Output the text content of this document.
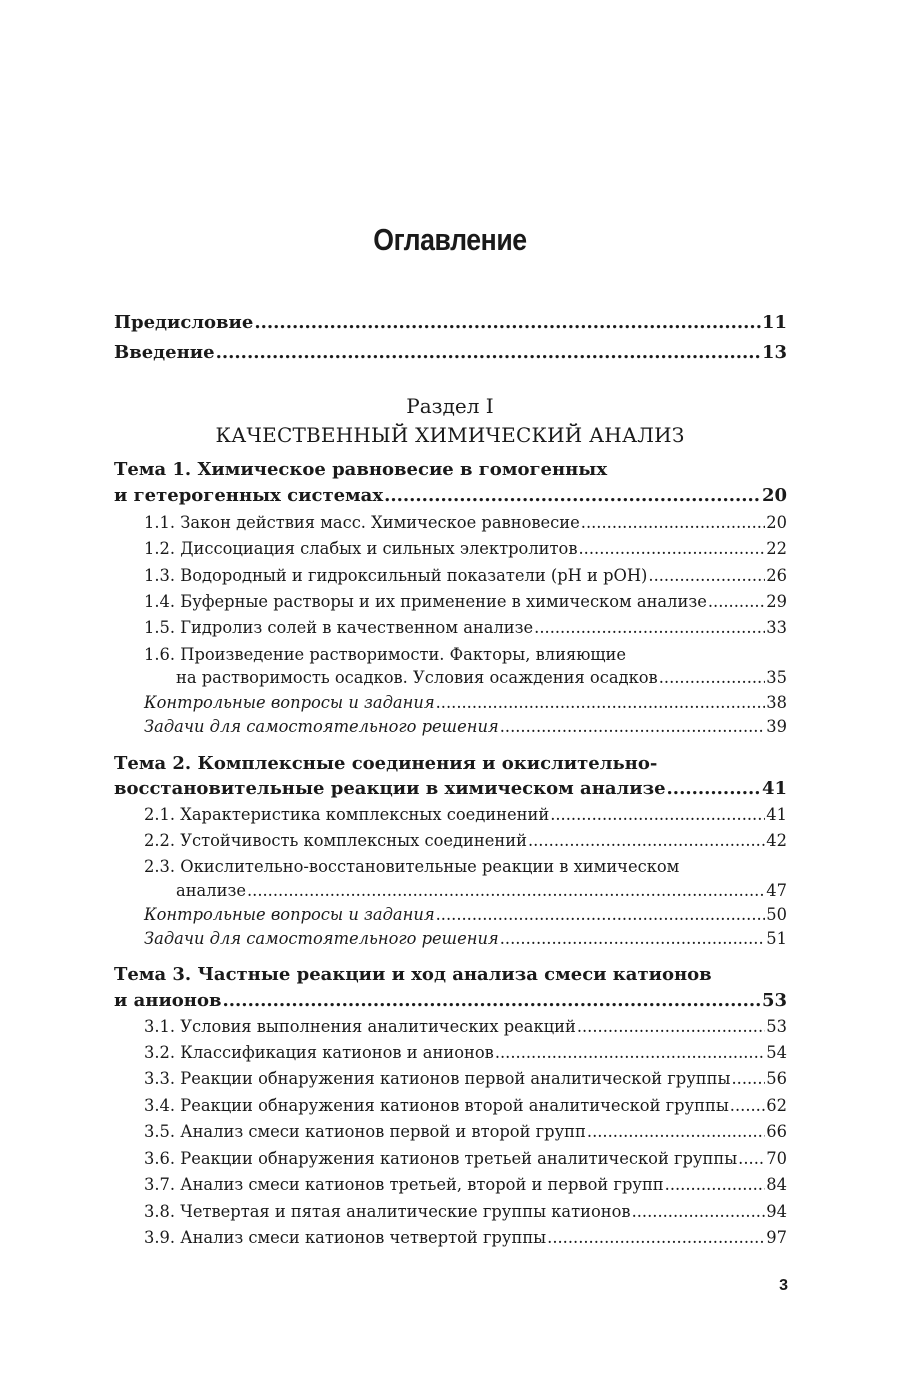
Оглавление
Предисловие .....	11
Введение .....	13
Тема 1. Химическое равновесие в гомогенных
и гетерогенных системах .....	20
1.1. Закон действия масс. Химическое равновесие .....	20
1.2. Диссоциация слабых и сильных электролитов .....	22
1.3. Водородный и гидроксильный показатели (pH и pOH) .....	26
1.4. Буферные растворы и их применение в химическом анализе .....	29
1.5. Гидролиз солей в качественном анализе .....	33
1.6. Произведение растворимости. Факторы, влияющие
на растворимость осадков. Условия осаждения осадков .....	35
Контрольные вопросы и задания .....	38
Задачи для самостоятельного решения .....	39
Тема 2. Комплексные соединения и окислительно-
восстановительные реакции в химическом анализе .....	41
2.1. Характеристика комплексных соединений .....	41
2.2. Устойчивость комплексных соединений .....	42
2.3. Окислительно-восстановительные реакции в химическом
анализе .....	47
Контрольные вопросы и задания .....	50
Задачи для самостоятельного решения .....	51
Тема 3. Частные реакции и ход анализа смеси катионов
и анионов .....	53
3.1. Условия выполнения аналитических реакций .....	53
3.2. Классификация катионов и анионов .....	54
3.3. Реакции обнаружения катионов первой аналитической группы ..... 56
3.4. Реакции обнаружения катионов второй аналитической группы ..... 62
3.5. Анализ смеси катионов первой и второй групп .....	66
3.6. Реакции обнаружения катионов третьей аналитической группы ..... 70
3.7. Анализ смеси катионов третьей, второй и первой групп .....	84
3.8. Четвертая и пятая аналитические группы катионов .....	94
3.9. Анализ смеси катионов четвертой группы .....	97
Раздел I
КАЧЕСТВЕННЫЙ ХИМИЧЕСКИЙ АНАЛИЗ
3
